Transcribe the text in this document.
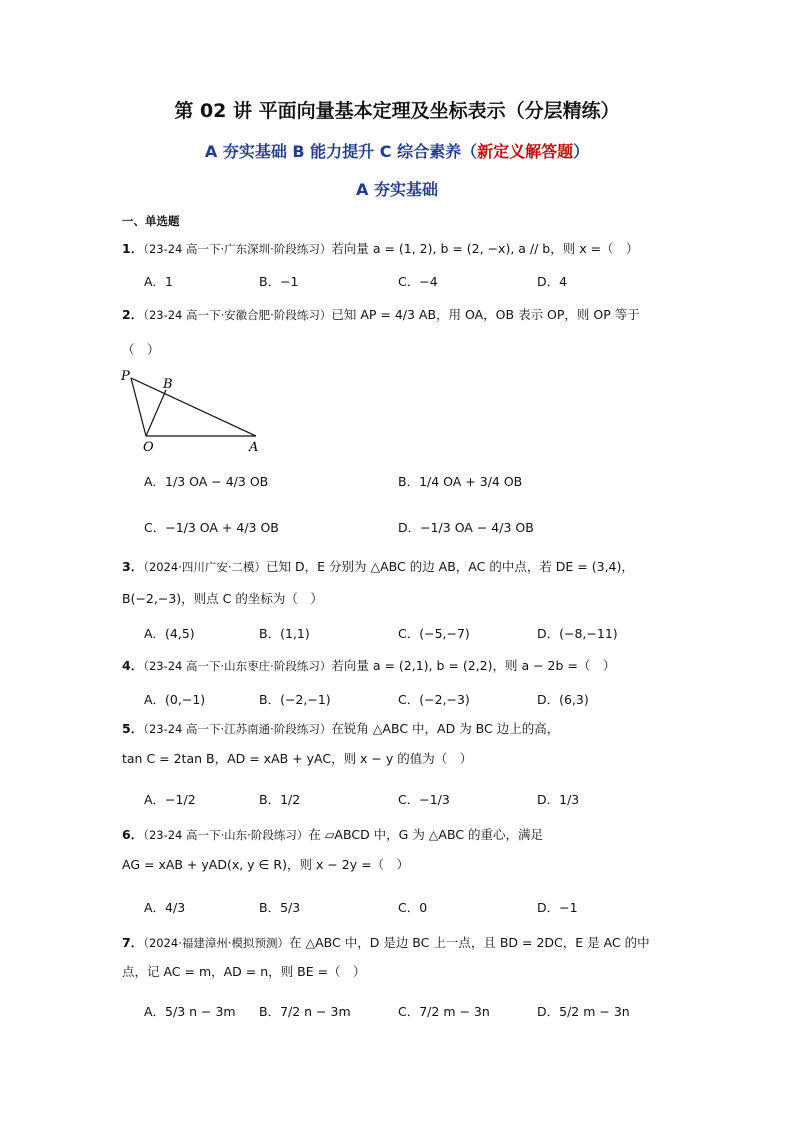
第 02 讲 平面向量基本定理及坐标表示（分层精练）
A 夯实基础 B 能力提升 C 综合素养（新定义解答题）
A 夯实基础
一、单选题
1．（23-24 高一下·广东深圳·阶段练习）若向量 a = (1, 2), b = (2, −x), a // b，则 x =（　）
A．1	B．−1	C．−4	D．4
2．（23-24 高一下·安徽合肥·阶段练习）已知 AP = 4/3 AB，用 OA，OB 表示 OP，则 OP 等于
（　）
P
B
O	A
A．1/3 OA − 4/3 OB	B．1/4 OA + 3/4 OB
C．−1/3 OA + 4/3 OB	D．−1/3 OA − 4/3 OB
3．（2024·四川广安·二模）已知 D，E 分别为 △ABC 的边 AB，AC 的中点，若 DE = (3,4)，
B(−2,−3)，则点 C 的坐标为（　）
A．(4,5)	B．(1,1)	C．(−5,−7)	D．(−8,−11)
4．（23-24 高一下·山东枣庄·阶段练习）若向量 a = (2,1), b = (2,2)，则 a − 2b =（　）
A．(0,−1)	B．(−2,−1)	C．(−2,−3)	D．(6,3)
5．（23-24 高一下·江苏南通·阶段练习）在锐角 △ABC 中，AD 为 BC 边上的高，
tan C = 2tan B，AD = xAB + yAC，则 x − y 的值为（　）
A．−1/2	B．1/2	C．−1/3	D．1/3
6．（23-24 高一下·山东·阶段练习）在 ▱ABCD 中，G 为 △ABC 的重心，满足
AG = xAB + yAD(x, y ∈ R)，则 x − 2y =（　）
A．4/3	B．5/3	C．0	D．−1
7．（2024·福建漳州·模拟预测）在 △ABC 中，D 是边 BC 上一点，且 BD = 2DC，E 是 AC 的中
点，记 AC = m，AD = n，则 BE =（　）
A．5/3 n − 3m B．7/2 n − 3m	C．7/2 m − 3n	D．5/2 m − 3n
